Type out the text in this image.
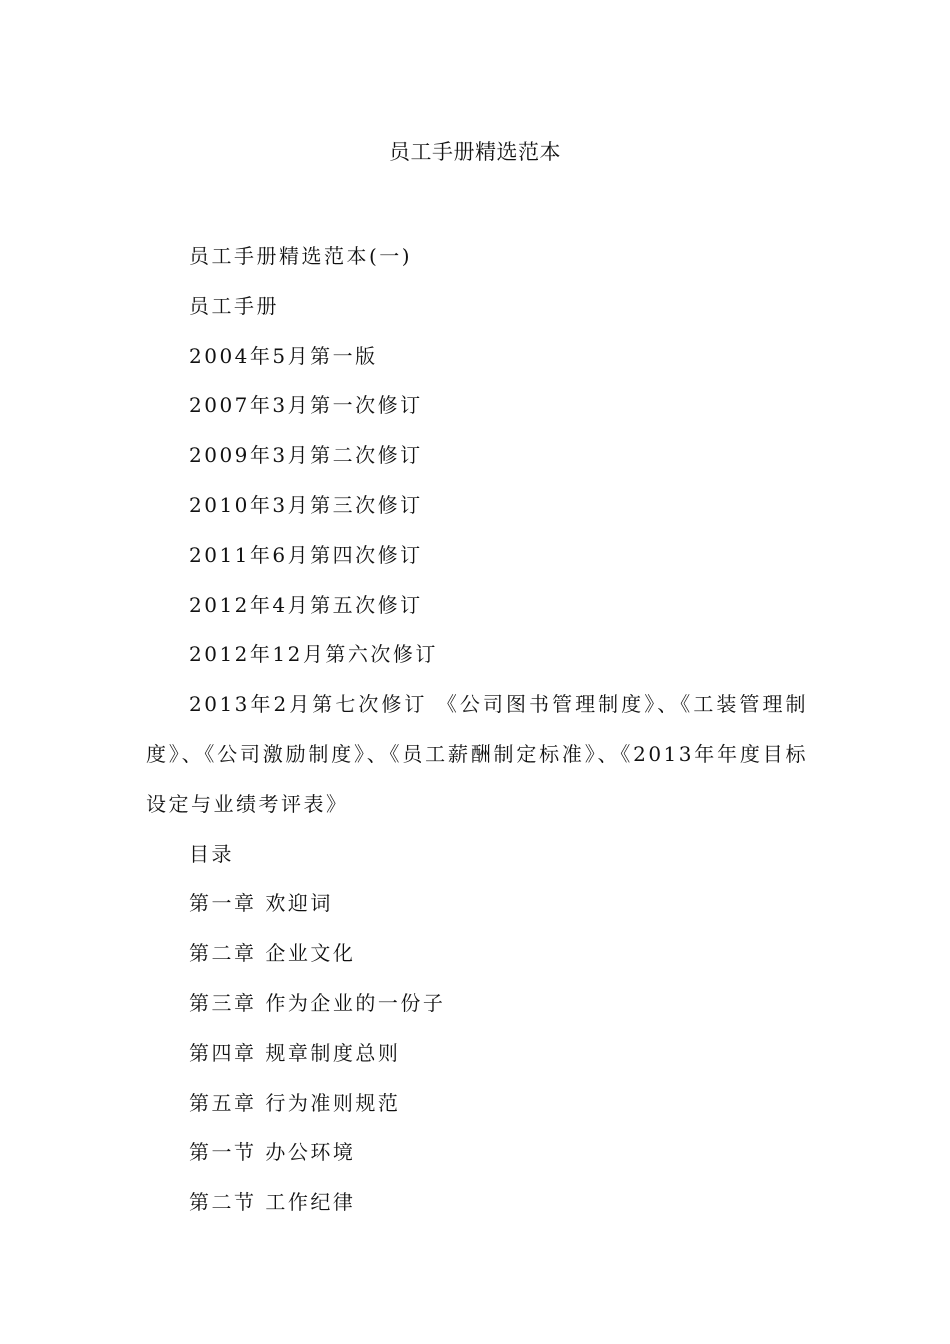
员工手册精选范本

员工手册精选范本(一)

员工手册

2004年5月第一版

2007年3月第一次修订

2009年3月第二次修订

2010年3月第三次修订

2011年6月第四次修订

2012年4月第五次修订

2012年12月第六次修订

2013年2月第七次修订 《公司图书管理制度》、《工装管理制度》、《公司激励制度》、《员工薪酬制定标准》、《2013年年度目标设定与业绩考评表》

目录

第一章 欢迎词

第二章 企业文化

第三章 作为企业的一份子

第四章 规章制度总则

第五章 行为准则规范

第一节 办公环境

第二节 工作纪律
